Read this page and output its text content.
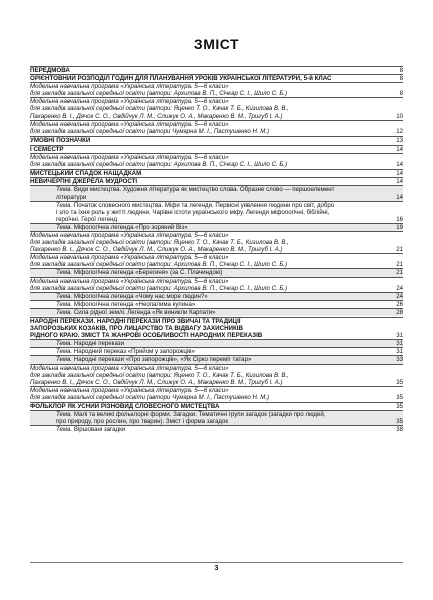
ЗМІСТ
ПЕРЕДМОВА	8
ОРІЄНТОВНИЙ РОЗПОДІЛ ГОДИН ДЛЯ ПЛАНУВАННЯ УРОКІВ УКРАЇНСЬКОЇ ЛІТЕРАТУРИ, 5-й КЛАС	8
Модельна навчальна програма «Українська література. 5—6 класи»
для закладів загальної середньої освіти (автори: Архипова В. П., Січкар С. І., Шило С. Б.)	8
Модельна навчальна програма «Українська література. 5—6 класи»
для закладів загальної середньої освіти (автори: Яценко Т. О., Качак Т. Б., Кизилова В. В.,
Пахаренко В. І., Дячок С. О., Овдійчук Л. М., Слижук О. А., Макаренко В. М., Тригуб І. А.)	10
Модельна навчальна програма «Українська література. 5—6 класи»
для закладів загальної середньої освіти (автори Чумарна М. І., Пастушенко Н. М.)	12
УМОВНІ ПОЗНАЧКИ	13
I СЕМЕСТР	14
Модельна навчальна програма «Українська література. 5—6 класи»
для закладів загальної середньої освіти (автори: Архипова В. П., Січкар С. І., Шило С. Б.)	14
МИСТЕЦЬКИЙ СПАДОК НАЩАДКАМ	14
НЕВИЧЕРПНІ ДЖЕРЕЛА МУДРОСТІ	14
Тема. Види мистецтва. Художня література як мистецтво слова. Образне слово — першоелемент
літератури	14
Тема. Початок словесного мистецтва. Міфи та легенди. Первісні уявлення людини про світ, добро
і зло та їхня роль у житті людини. Чарівні істоти українського міфу. Легенди міфологічні, біблійні,
героїчні. Герої легенд	16
Тема. Міфологічна легенда «Про зоряний Віз»	19
Модельна навчальна програма «Українська література. 5—6 класи»
для закладів загальної середньої освіти (автори: Яценко Т. О., Качак Т. Б., Кизилова В. В.,
Пахаренко В. І., Дячок С. О., Овдійчук Л. М., Слижук О. А., Макаренко В. М., Тригуб І. А.)	21
Модельна навчальна програма «Українська література. 5—6 класи»
для закладів загальної середньої освіти (автори: Архипова В. П., Січкар С. І., Шило С. Б.)	21
Тема. Міфологічна легенда «Берегиня» (за С. Плачиндою)	21
Модельна навчальна програма «Українська література. 5—6 класи»
для закладів загальної середньої освіти (автори: Архипова В. П., Січкар С. І., Шило С. Б.)	24
Тема. Міфологічна легенда «Чому нас море людин?»	24
Тема. Міфологічна легенда «Неопалима купина»	26
Тема. Сила рідної землі. Легенда «Як виникли Карпати»	28
НАРОДНІ ПЕРЕКАЗИ. НАРОДНІ ПЕРЕКАЗИ ПРО ЗВИЧАЇ ТА ТРАДИЦІЇ
ЗАПОРОЗЬКИХ КОЗАКІВ, ПРО ЛИЦАРСТВО ТА ВІДВАГУ ЗАХИСНИКІВ
РІДНОГО КРАЮ. ЗМІСТ ТА ЖАНРОВІ ОСОБЛИВОСТІ НАРОДНИХ ПЕРЕКАЗІВ	31
Тема. Народні перекази	31
Тема. Народний переказ «Прийом у запорожців»	31
Тема. Народні перекази «Про запорожців», «Як Сірко переміг татар»	33
Модельна навчальна програма «Українська література. 5—6 класи»
для закладів загальної середньої освіти (автори: Яценко Т. О., Качак Т. Б., Кизилова В. В.,
Пахаренко В. І., Дячок С. О., Овдійчук Л. М., Слижук О. А., Макаренко В. М., Тригуб І. А.)	35
Модельна навчальна програма «Українська література. 5—6 класи»
для закладів загальної середньої освіти (автори Чумарна М. І., Пастушенко Н. М.)	35
ФОЛЬКЛОР ЯК УСНИЙ РІЗНОВИД СЛОВЕСНОГО МИСТЕЦТВА	35
Тема. Малі та великі фольклорні форми. Загадки. Тематичні групи загадок (загадки про людей,
про природу, про рослин, про тварин). Зміст і форма загадок	35
Тема. Віршовані загадки	38
3
